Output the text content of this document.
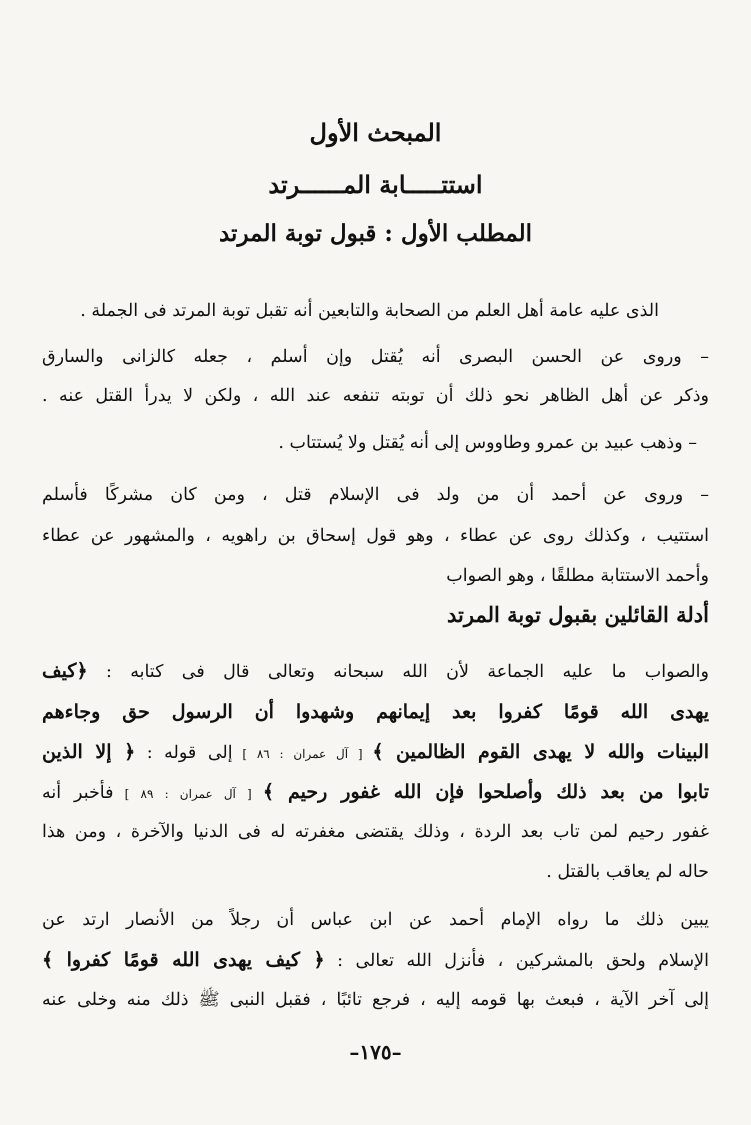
المبحث الأول
استتـــــابة المــــــرتد
المطلب الأول : قبول توبة المرتد
الذى عليه عامة أهل العلم من الصحابة والتابعين أنه تقبل توبة المرتد فى الجملة .
– وروى عن الحسن البصرى أنه يُقتل وإن أسلم ، جعله كالزانى والسارق
وذكر عن أهل الظاهر نحو ذلك أن توبته تنفعه عند الله ، ولكن لا يدرأ القتل عنه .
– وذهب عبيد بن عمرو وطاووس إلى أنه يُقتل ولا يُستتاب .
– وروى عن أحمد أن من ولد فى الإسلام قتل ، ومن كان مشركًا فأسلم
استتيب ، وكذلك روى عن عطاء ، وهو قول إسحاق بن راهويه ، والمشهور عن عطاء
وأحمد الاستتابة مطلقًا ، وهو الصواب
أدلة القائلين بقبول توبة المرتد
والصواب ما عليه الجماعة لأن الله سبحانه وتعالى قال فى كتابه : ﴿كيف
يهدى الله قومًا كفروا بعد إيمانهم وشهدوا أن الرسول حق وجاءهم
البينات والله لا يهدى القوم الظالمين ﴾ [ آل عمران : ٨٦ ] إلى قوله : ﴿ إلا الذين
تابوا من بعد ذلك وأصلحوا فإن الله غفور رحيم ﴾ [ آل عمران : ٨٩ ] فأخبر أنه
غفور رحيم لمن تاب بعد الردة ، وذلك يقتضى مغفرته له فى الدنيا والآخرة ، ومن هذا
حاله لم يعاقب بالقتل .
يبين ذلك ما رواه الإمام أحمد عن ابن عباس أن رجلاً من الأنصار ارتد عن
الإسلام ولحق بالمشركين ، فأنزل الله تعالى : ﴿ كيف يهدى الله قومًا كفروا ﴾
إلى آخر الآية ، فبعث بها قومه إليه ، فرجع تائبًا ، فقبل النبى ﷺ ذلك منه وخلى عنه
–١٧٥–
